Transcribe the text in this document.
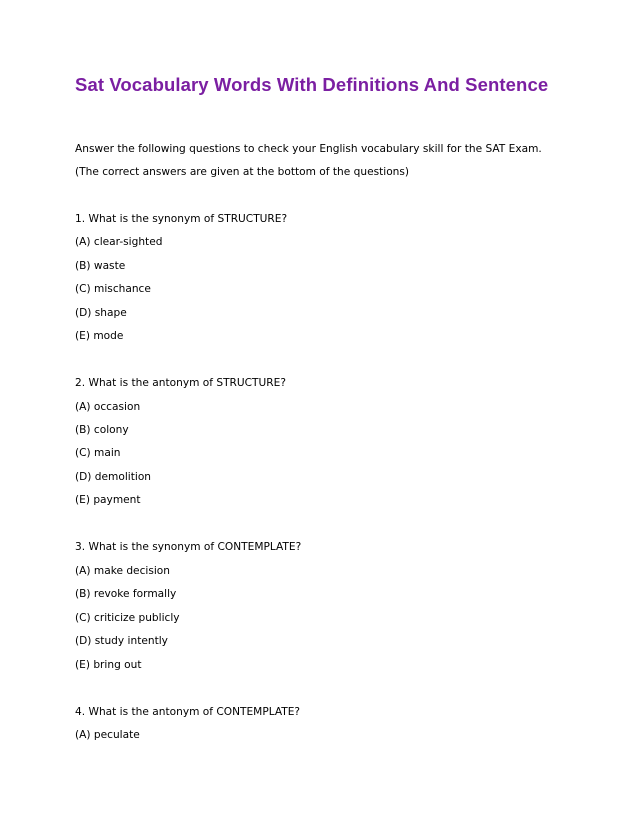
Sat Vocabulary Words With Definitions And Sentence

Answer the following questions to check your English vocabulary skill for the SAT Exam.

(The correct answers are given at the bottom of the questions)

1. What is the synonym of STRUCTURE?

(A) clear-sighted

(B) waste

(C) mischance

(D) shape

(E) mode

2. What is the antonym of STRUCTURE?

(A) occasion

(B) colony

(C) main

(D) demolition

(E) payment

3. What is the synonym of CONTEMPLATE?

(A) make decision

(B) revoke formally

(C) criticize publicly

(D) study intently

(E) bring out

4. What is the antonym of CONTEMPLATE?

(A) peculate
